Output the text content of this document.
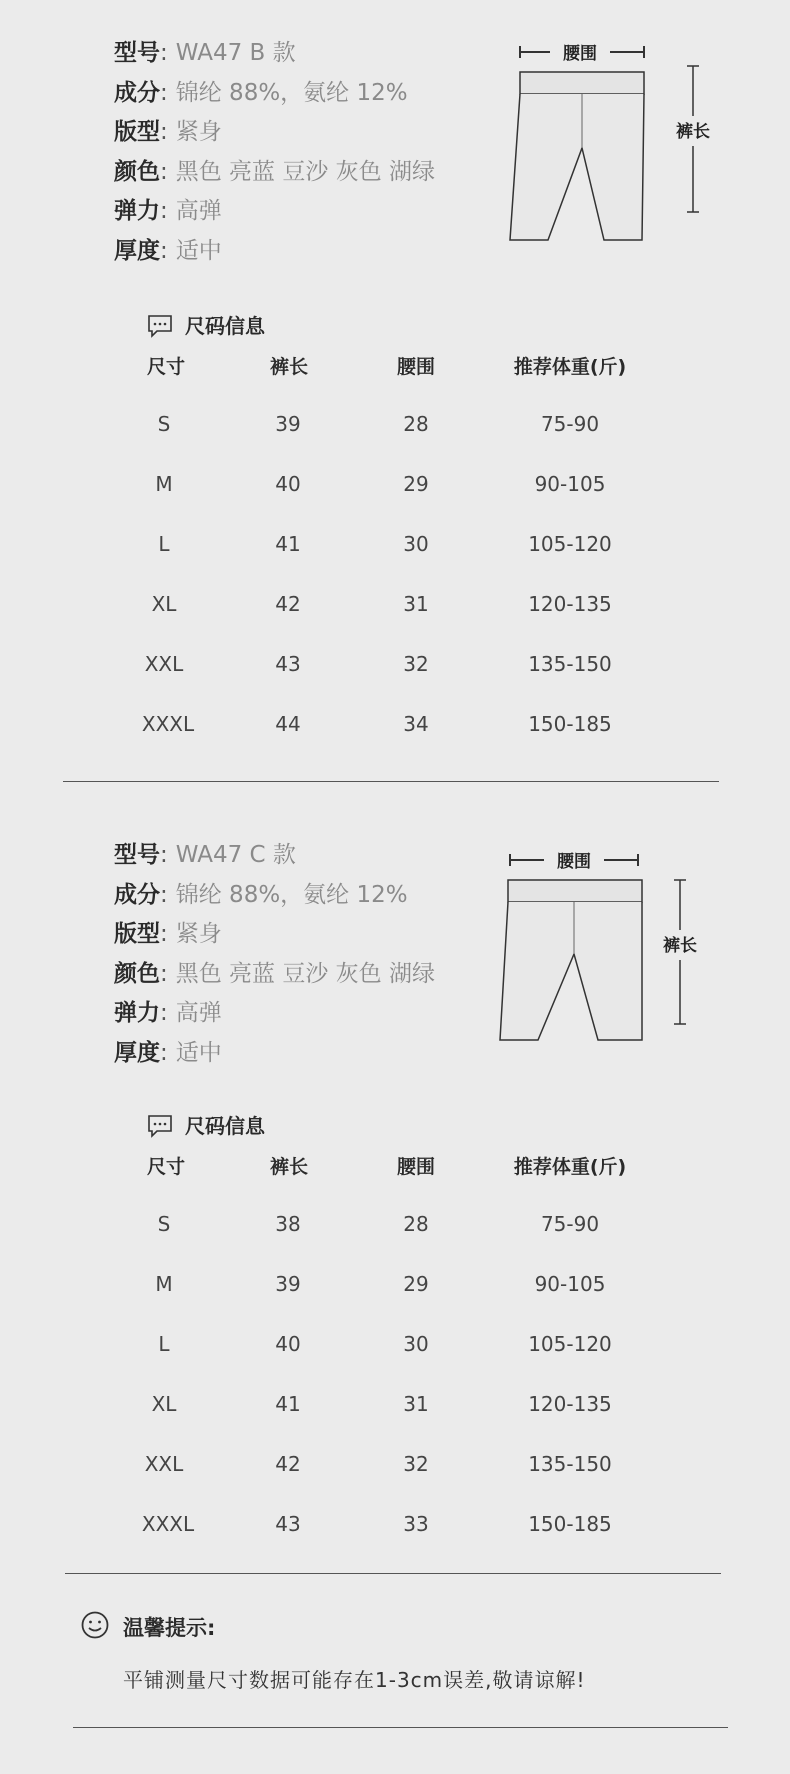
型号: WA47 B 款
成分: 锦纶 88%，氨纶 12%
版型: 紧身
颜色: 黑色 亮蓝 豆沙 灰色 湖绿
弹力: 高弹
厚度: 适中
腰围
裤长
尺码信息
尺寸	裤长	腰围	推荐体重(斤)
S	39	28	75-90
M	40	29	90-105
L	41	30	105-120
XL	42	31	120-135
XXL	43	32	135-150
XXXL	44	34	150-185
型号: WA47 C 款
成分: 锦纶 88%，氨纶 12%
版型: 紧身
颜色: 黑色 亮蓝 豆沙 灰色 湖绿
弹力: 高弹
厚度: 适中
腰围
裤长
尺码信息
尺寸	裤长	腰围	推荐体重(斤)
S	38	28	75-90
M	39	29	90-105
L	40	30	105-120
XL	41	31	120-135
XXL	42	32	135-150
XXXL	43	33	150-185
温馨提示:
平铺测量尺寸数据可能存在1-3cm误差,敬请谅解!
